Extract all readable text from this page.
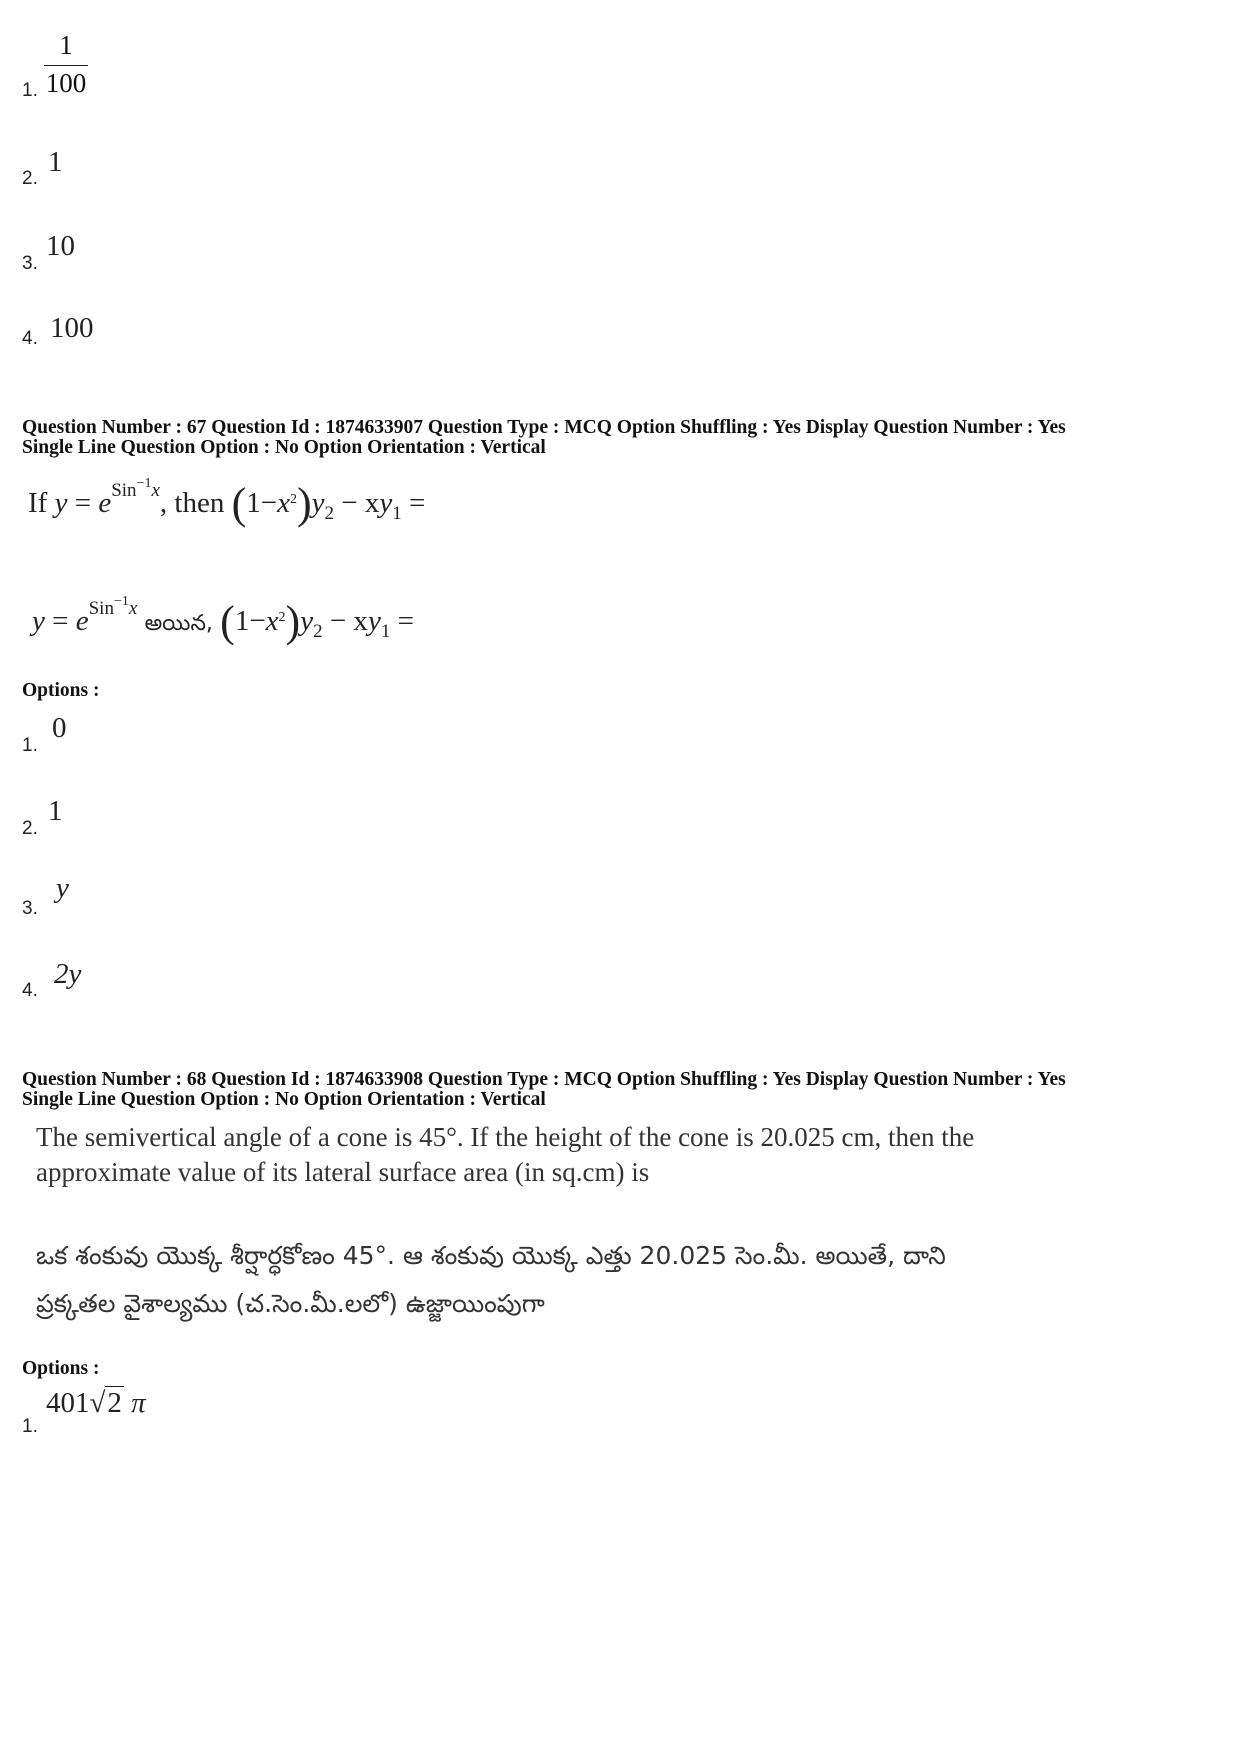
1.
1
100
2.
1
3.
10
4. 100
Question Number : 67 Question Id : 1874633907 Question Type : MCQ Option Shuffling : Yes Display Question Number : Yes
Single Line Question Option : No Option Orientation : Vertical
If $y = e^{Sin^{-1}x}$, then $(1-x^2)y_2 - xy_1$ =
$y = e^{Sin^{-1}x}$ అయిన, $(1-x^2)y_2 - xy_1$ =
Options :
1.
0
2.
1
3.
y
4.
2y
Question Number : 68 Question Id : 1874633908 Question Type : MCQ Option Shuffling : Yes Display Question Number : Yes
Single Line Question Option : No Option Orientation : Vertical
The semivertical angle of a cone is 45°. If the height of the cone is 20.025 cm, then the
approximate value of its lateral surface area (in sq.cm) is
ఒక శంకువు యొక్క శీర్షార్ధకోణం 45°. ఆ శంకువు యొక్క ఎత్తు 20.025 సెం.మీ. అయితే, దాని
ప్రక్కతల వైశాల్యము (చ.సెం.మీ.లలో) ఉజ్జాయింపుగా
Options :
1.
401√2 π
